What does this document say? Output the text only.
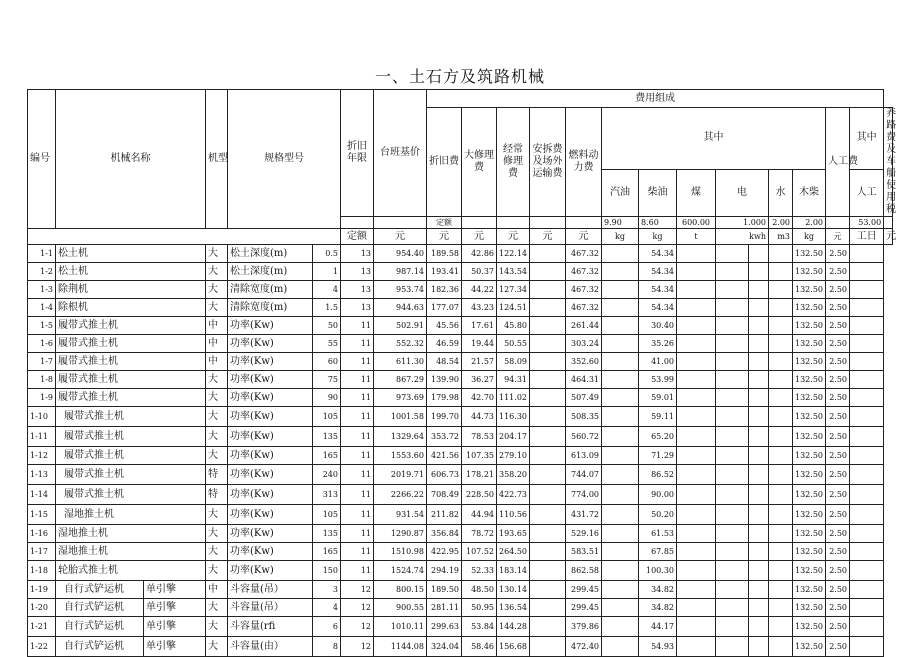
一、土石方及筑路机械
编号	机械名称		机型	规格型号		折旧年限	台班基价	费用组成														
								折旧费	大修理费	经常修理费	安拆费及场外运输费	燃料动力费	其中							人工费	其中	养路费及车船使用税
													汽油	柴油	煤	电		水	木柴		人工	
								定额					9.90	8.60	600.00	1.000		2.00	2.00		53.00	
						定额	元	元	元	元	元	元	kg	kg	t	kwh		m3	kg	元	工日	元
1-1	松土机		大	松土深度(m)	0.5	13	954.40	189.58	42.86	122.14		467.32		54.34					132.50	2.50		
1-2	松土机		大	松土深度(m)	1	13	987.14	193.41	50.37	143.54		467.32		54.34					132.50	2.50		
1-3	除荆机		大	清除宽度(m)	4	13	953.74	182.36	44.22	127.34		467.32		54.34					132.50	2.50		
1-4	除根机		大	清除宽度(m)	1.5	13	944.63	177.07	43.23	124.51		467.32		54.34					132.50	2.50		
1-5	履带式推土机		中	功率(Kw)	50	11	502.91	45.56	17.61	45.80		261.44		30.40					132.50	2.50		
1-6	履带式推土机		中	功率(Kw)	55	11	552.32	46.59	19.44	50.55		303.24		35.26					132.50	2.50		
1-7	履带式推土机		中	功率(Kw)	60	11	611.30	48.54	21.57	58.09		352.60		41.00					132.50	2.50		
1-8	履带式推土机		大	功率(Kw)	75	11	867.29	139.90	36.27	94.31		464.31		53.99					132.50	2.50		
1-9	履带式推土机		大	功率(Kw)	90	11	973.69	179.98	42.70	111.02		507.49		59.01					132.50	2.50		
1-10	履带式推土机		大	功率(Kw)	105	11	1001.58	199.70	44.73	116.30		508.35		59.11					132.50	2.50		
1-11	履带式推土机		大	功率(Kw)	135	11	1329.64	353.72	78.53	204.17		560.72		65.20					132.50	2.50		
1-12	履带式推土机		大	功率(Kw)	165	11	1553.60	421.56	107.35	279.10		613.09		71.29					132.50	2.50		
1-13	履带式推土机		特	功率(Kw)	240	11	2019.71	606.73	178.21	358.20		744.07		86.52					132.50	2.50		
1-14	履带式推土机		特	功率(Kw)	313	11	2266.22	708.49	228.50	422.73		774.00		90.00					132.50	2.50		
1-15	湿地推土机		大	功率(Kw)	105	11	931.54	211.82	44.94	110.56		431.72		50.20					132.50	2.50		
1-16	湿地推土机		大	功率(Kw)	135	11	1290.87	356.84	78.72	193.65		529.16		61.53					132.50	2.50		
1-17	湿地推土机		大	功率(Kw)	165	11	1510.98	422.95	107.52	264.50		583.51		67.85					132.50	2.50		
1-18	轮胎式推土机		大	功率(Kw)	150	11	1524.74	294.19	52.33	183.14		862.58		100.30					132.50	2.50		
1-19	自行式铲运机	单引擎	中	斗容量(吊）	3	12	800.15	189.50	48.50	130.14		299.45		34.82					132.50	2.50		
1-20	自行式铲运机	单引擎	大	斗容量(吊）	4	12	900.55	281.11	50.95	136.54		299.45		34.82					132.50	2.50		
1-21	自行式铲运机	单引擎	大	斗容量(rfi	6	12	1010.11	299.63	53.84	144.28		379.86		44.17					132.50	2.50		
1-22	自行式铲运机	单引擎	大	斗容量(由）	8	12	1144.08	324.04	58.46	156.68		472.40		54.93					132.50	2.50		
